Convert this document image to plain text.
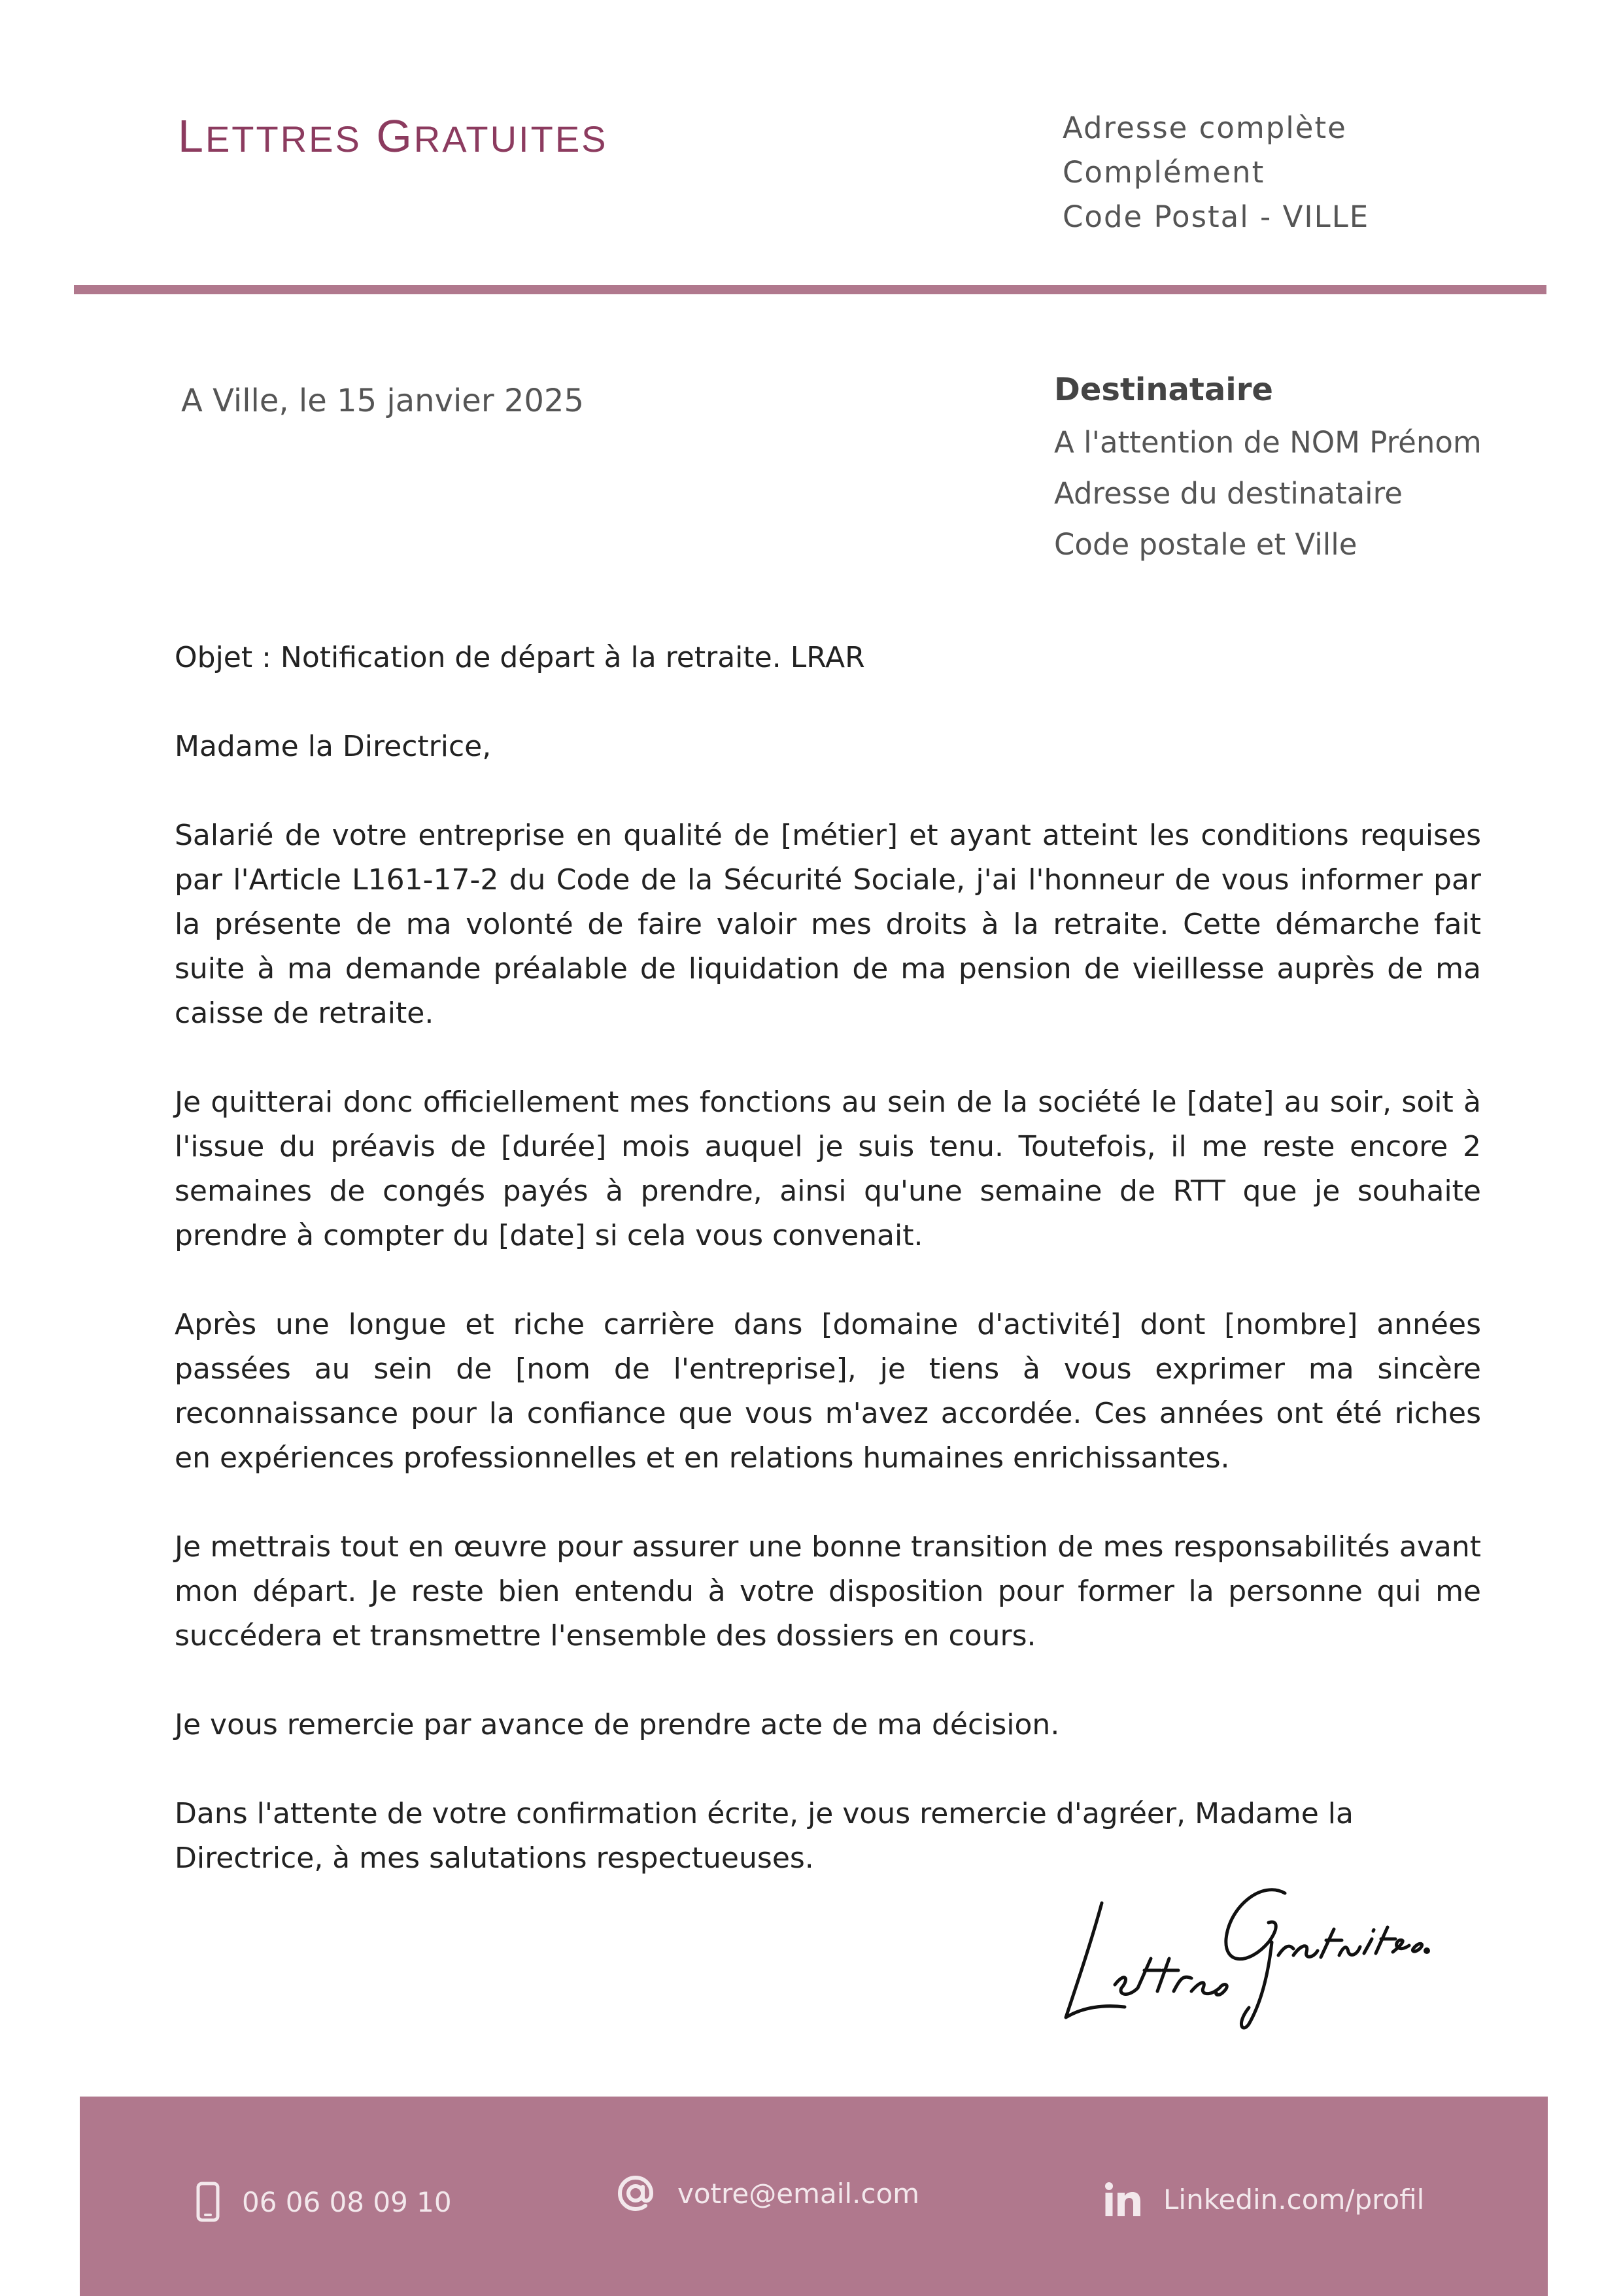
LETTRES GRATUITES	Adresse complète
Complément
Code Postal - VILLE
A Ville, le 15 janvier 2025	Destinataire
A l'attention de NOM Prénom
Adresse du destinataire
Code postale et Ville

Objet : Notification de départ à la retraite. LRAR

Madame la Directrice,

Salarié de votre entreprise en qualité de [métier] et ayant atteint les conditions requises par l'Article L161-17-2 du Code de la Sécurité Sociale, j'ai l'honneur de vous informer par la présente de ma volonté de faire valoir mes droits à la retraite. Cette démarche fait suite à ma demande préalable de liquidation de ma pension de vieillesse auprès de ma caisse de retraite.

Je quitterai donc officiellement mes fonctions au sein de la société le [date] au soir, soit à l'issue du préavis de [durée] mois auquel je suis tenu. Toutefois, il me reste encore 2 semaines de congés payés à prendre, ainsi qu'une semaine de RTT que je souhaite prendre à compter du [date] si cela vous convenait.

Après une longue et riche carrière dans [domaine d'activité] dont [nombre] années passées au sein de [nom de l'entreprise], je tiens à vous exprimer ma sincère reconnaissance pour la confiance que vous m'avez accordée. Ces années ont été riches en expériences professionnelles et en relations humaines enrichissantes.

Je mettrais tout en œuvre pour assurer une bonne transition de mes responsabilités avant mon départ. Je reste bien entendu à votre disposition pour former la personne qui me succédera et transmettre l'ensemble des dossiers en cours.

Je vous remercie par avance de prendre acte de ma décision.

Dans l'attente de votre confirmation écrite, je vous remercie d'agréer, Madame la Directrice, à mes salutations respectueuses.

06 06 08 09 10	votre@email.com	Linkedin.com/profil
